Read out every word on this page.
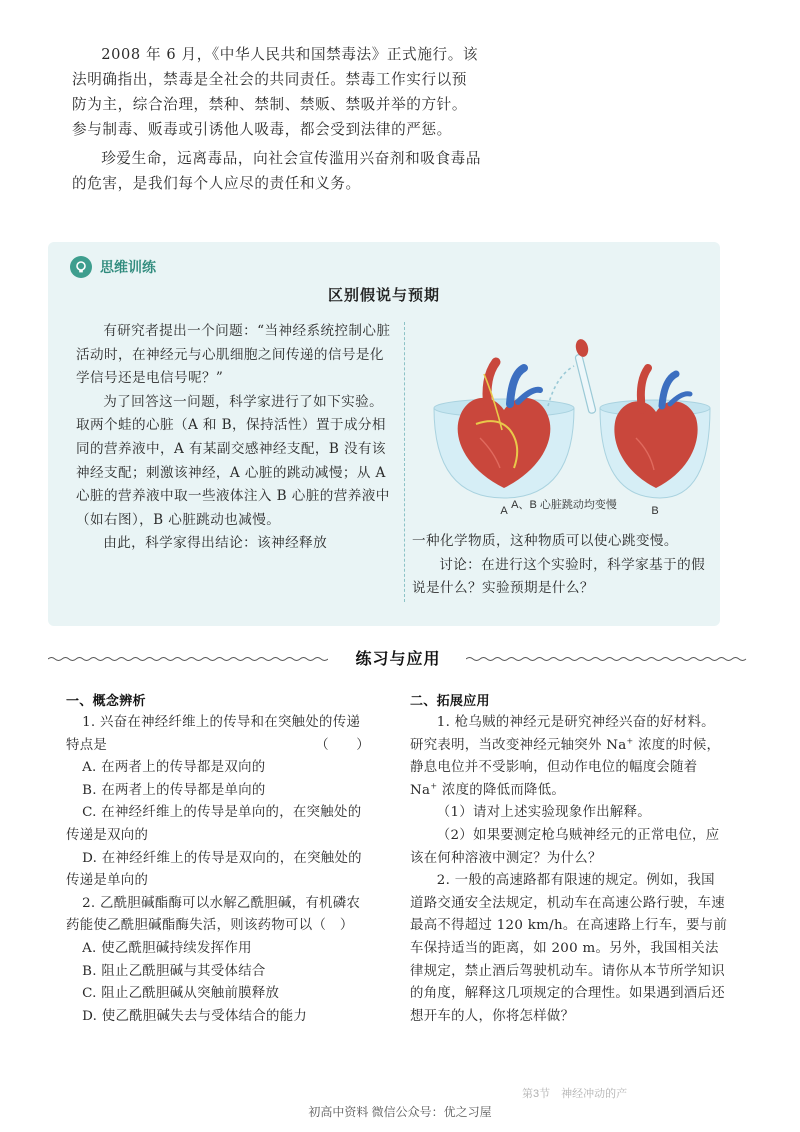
2008 年 6 月，《中华人民共和国禁毒法》正式施行。该法明确指出，禁毒是全社会的共同责任。禁毒工作实行以预防为主，综合治理，禁种、禁制、禁贩、禁吸并举的方针。参与制毒、贩毒或引诱他人吸毒，都会受到法律的严惩。

珍爱生命，远离毒品，向社会宣传滥用兴奋剂和吸食毒品的危害，是我们每个人应尽的责任和义务。

思维训练
区别假说与预期

有研究者提出一个问题：“当神经系统控制心脏活动时，在神经元与心肌细胞之间传递的信号是化学信号还是电信号呢？”

为了回答这一问题，科学家进行了如下实验。取两个蛙的心脏（A 和 B，保持活性）置于成分相同的营养液中，A 有某副交感神经支配，B 没有该神经支配；刺激该神经，A 心脏的跳动减慢；从 A 心脏的营养液中取一些液体注入 B 心脏的营养液中（如右图），B 心脏跳动也减慢。

由此，科学家得出结论：该神经释放

A	B
A、B 心脏跳动均变慢

一种化学物质，这种物质可以使心跳变慢。

讨论：在进行这个实验时，科学家基于的假说是什么？实验预期是什么？

练习与应用
一、概念辨析

1. 兴奋在神经纤维上的传导和在突触处的传递特点是	（　　）

A. 在两者上的传导都是双向的

B. 在两者上的传导都是单向的

C. 在神经纤维上的传导是单向的，在突触处的传递是双向的

D. 在神经纤维上的传导是双向的，在突触处的传递是单向的

2. 乙酰胆碱酯酶可以水解乙酰胆碱，有机磷农药能使乙酰胆碱酯酶失活，则该药物可以（　）

A. 使乙酰胆碱持续发挥作用

B. 阻止乙酰胆碱与其受体结合

C. 阻止乙酰胆碱从突触前膜释放

D. 使乙酰胆碱失去与受体结合的能力

二、拓展应用

1. 枪乌贼的神经元是研究神经兴奋的好材料。研究表明，当改变神经元轴突外 Na+ 浓度的时候，静息电位并不受影响，但动作电位的幅度会随着 Na+ 浓度的降低而降低。

（1）请对上述实验现象作出解释。

（2）如果要测定枪乌贼神经元的正常电位，应该在何种溶液中测定？为什么？

2. 一般的高速路都有限速的规定。例如，我国道路交通安全法规定，机动车在高速公路行驶，车速最高不得超过 120 km/h。在高速路上行车，要与前车保持适当的距离，如 200 m。另外，我国相关法律规定，禁止酒后驾驶机动车。请你从本节所学知识的角度，解释这几项规定的合理性。如果遇到酒后还想开车的人，你将怎样做？

第3节　神经冲动的产
初高中资料 微信公众号：优之习屋
